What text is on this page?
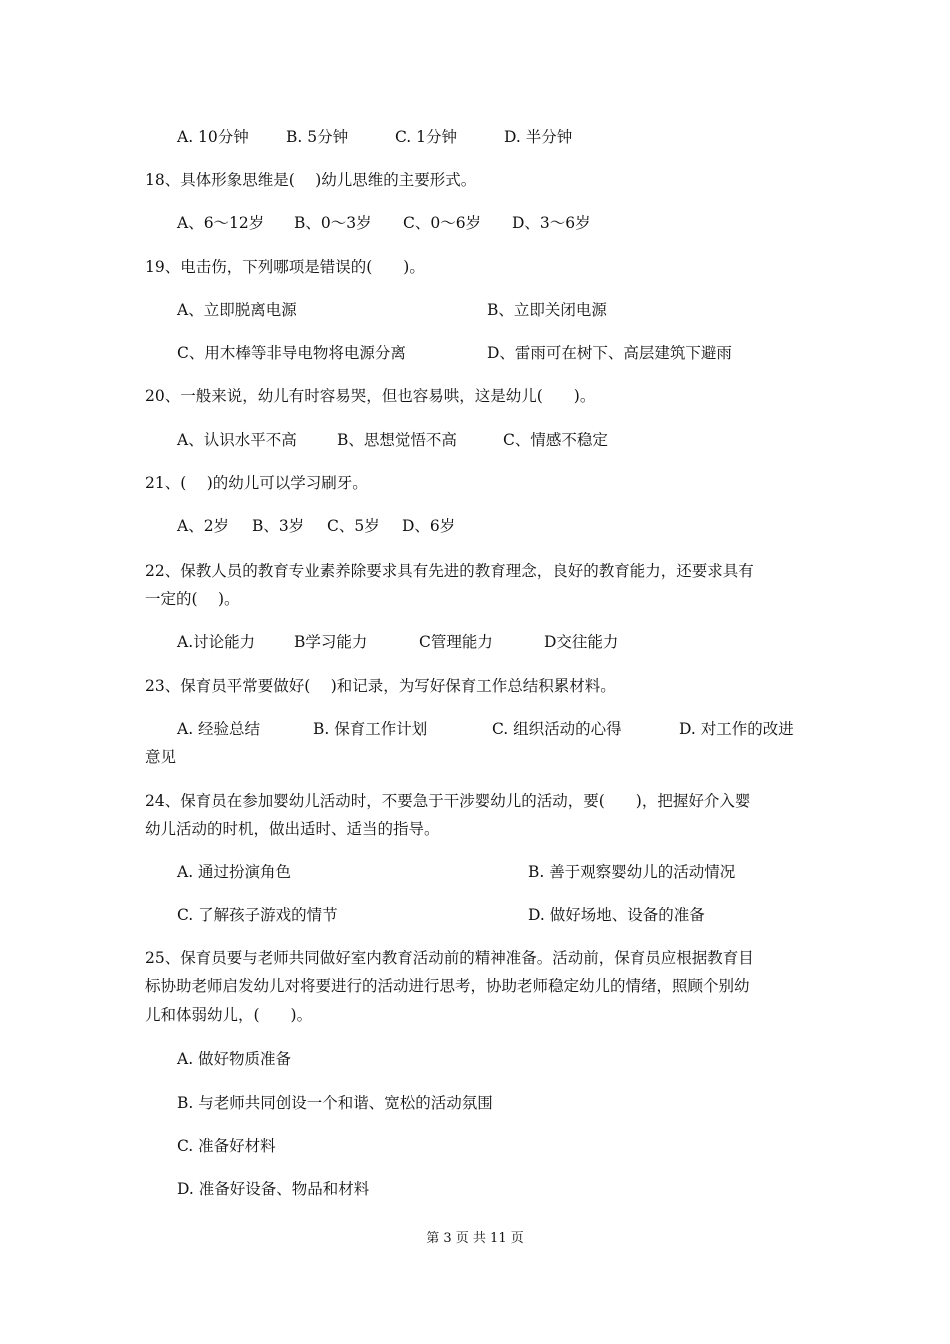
A. 10分钟 B. 5分钟	C. 1分钟	D. 半分钟
18、具体形象思维是(　 )幼儿思维的主要形式。
A、6～12岁 B、0～3岁 C、0～6岁 D、3～6岁
19、电击伤，下列哪项是错误的(　　)。
A、立即脱离电源	B、立即关闭电源
C、用木棒等非导电物将电源分离	D、雷雨可在树下、高层建筑下避雨
20、一般来说，幼儿有时容易哭，但也容易哄，这是幼儿(　　)。
A、认识水平不高	B、思想觉悟不高	C、情感不稳定
21、(　 )的幼儿可以学习刷牙。
A、2岁 B、3岁 C、5岁 D、6岁
22、保教人员的教育专业素养除要求具有先进的教育理念，良好的教育能力，还要求具有
一定的(　 )。
A.讨论能力	B学习能力	C管理能力	D交往能力
23、保育员平常要做好(　 )和记录，为写好保育工作总结积累材料。
A. 经验总结	B. 保育工作计划	C. 组织活动的心得	D. 对工作的改进
意见
24、保育员在参加婴幼儿活动时，不要急于干涉婴幼儿的活动，要(　　)，把握好介入婴
幼儿活动的时机，做出适时、适当的指导。
A. 通过扮演角色	B. 善于观察婴幼儿的活动情况
C. 了解孩子游戏的情节	D. 做好场地、设备的准备
25、保育员要与老师共同做好室内教育活动前的精神准备。活动前，保育员应根据教育目
标协助老师启发幼儿对将要进行的活动进行思考，协助老师稳定幼儿的情绪，照顾个别幼
儿和体弱幼儿，(　　)。
A. 做好物质准备
B. 与老师共同创设一个和谐、宽松的活动氛围
C. 准备好材料
D. 准备好设备、物品和材料
第 3 页 共 11 页
